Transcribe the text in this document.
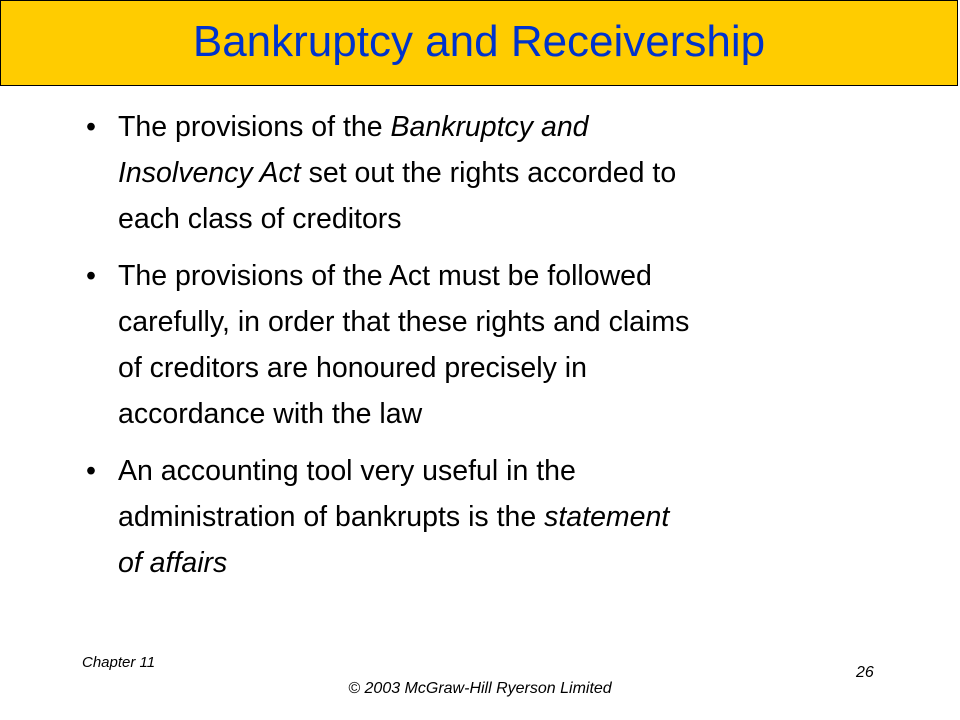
Bankruptcy and Receivership
• The provisions of the Bankruptcy and
Insolvency Act set out the rights accorded to
each class of creditors
• The provisions of the Act must be followed
carefully, in order that these rights and claims
of creditors are honoured precisely in
accordance with the law
• An accounting tool very useful in the
administration of bankrupts is the statement
of affairs
Chapter 11
© 2003 McGraw-Hill Ryerson Limited
26
